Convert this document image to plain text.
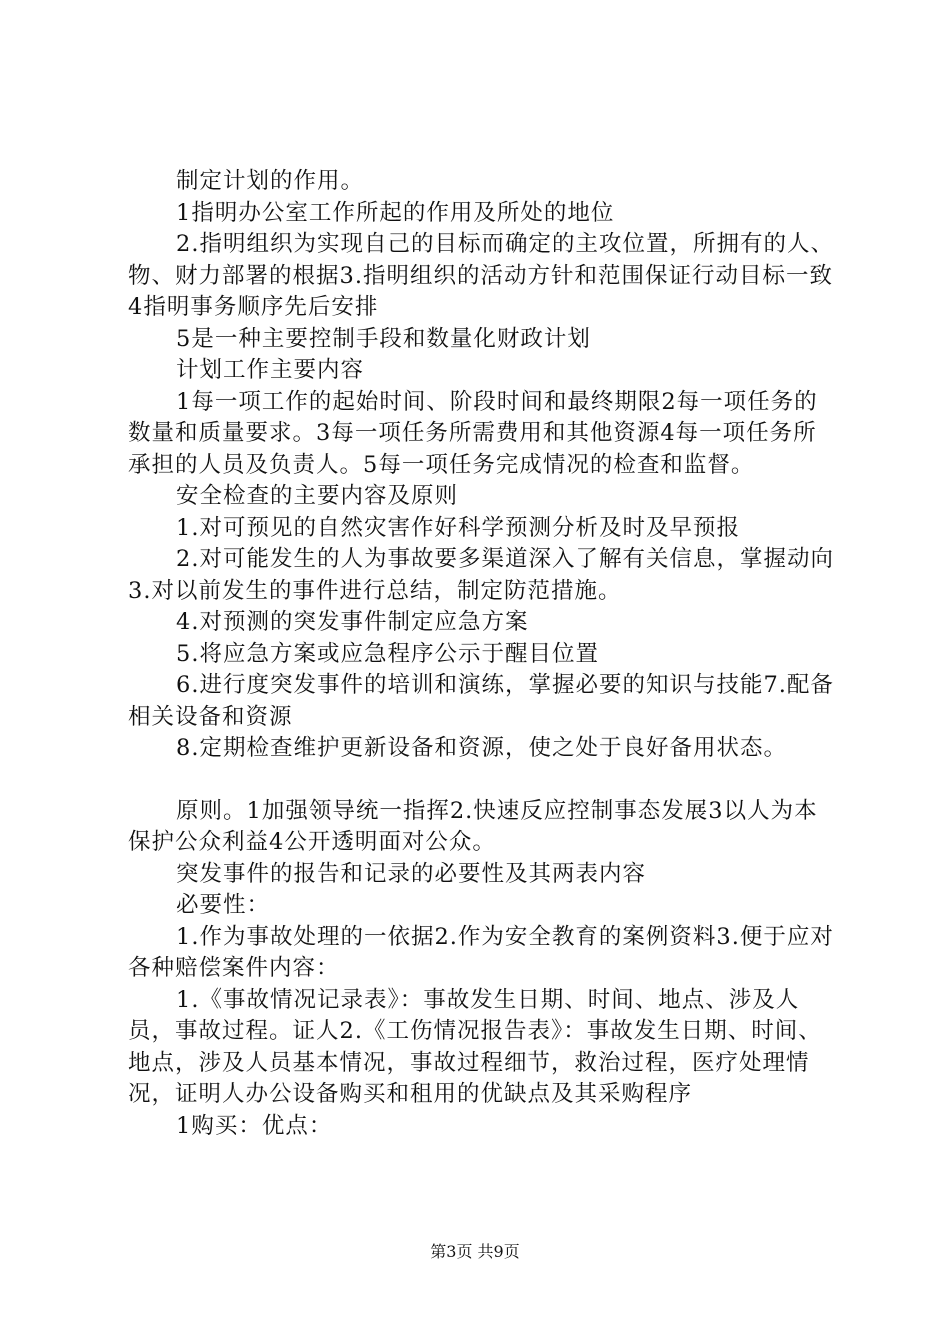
制定计划的作用。

1指明办公室工作所起的作用及所处的地位

2.指明组织为实现自己的目标而确定的主攻位置，所拥有的人、物、财力部署的根据3.指明组织的活动方针和范围保证行动目标一致4指明事务顺序先后安排

5是一种主要控制手段和数量化财政计划

计划工作主要内容

1每一项工作的起始时间、阶段时间和最终期限2每一项任务的数量和质量要求。3每一项任务所需费用和其他资源4每一项任务所承担的人员及负责人。5每一项任务完成情况的检查和监督。

安全检查的主要内容及原则

1.对可预见的自然灾害作好科学预测分析及时及早预报

2.对可能发生的人为事故要多渠道深入了解有关信息，掌握动向3.对以前发生的事件进行总结，制定防范措施。

4.对预测的突发事件制定应急方案

5.将应急方案或应急程序公示于醒目位置

6.进行度突发事件的培训和演练，掌握必要的知识与技能7.配备相关设备和资源

8.定期检查维护更新设备和资源，使之处于良好备用状态。

原则。1加强领导统一指挥2.快速反应控制事态发展3以人为本保护公众利益4公开透明面对公众。

突发事件的报告和记录的必要性及其两表内容

必要性：

1.作为事故处理的一依据2.作为安全教育的案例资料3.便于应对各种赔偿案件内容：

1.《事故情况记录表》：事故发生日期、时间、地点、涉及人员，事故过程。证人2.《工伤情况报告表》：事故发生日期、时间、地点，涉及人员基本情况，事故过程细节，救治过程，医疗处理情况，证明人办公设备购买和租用的优缺点及其采购程序

1购买：优点：

第3页 共9页
